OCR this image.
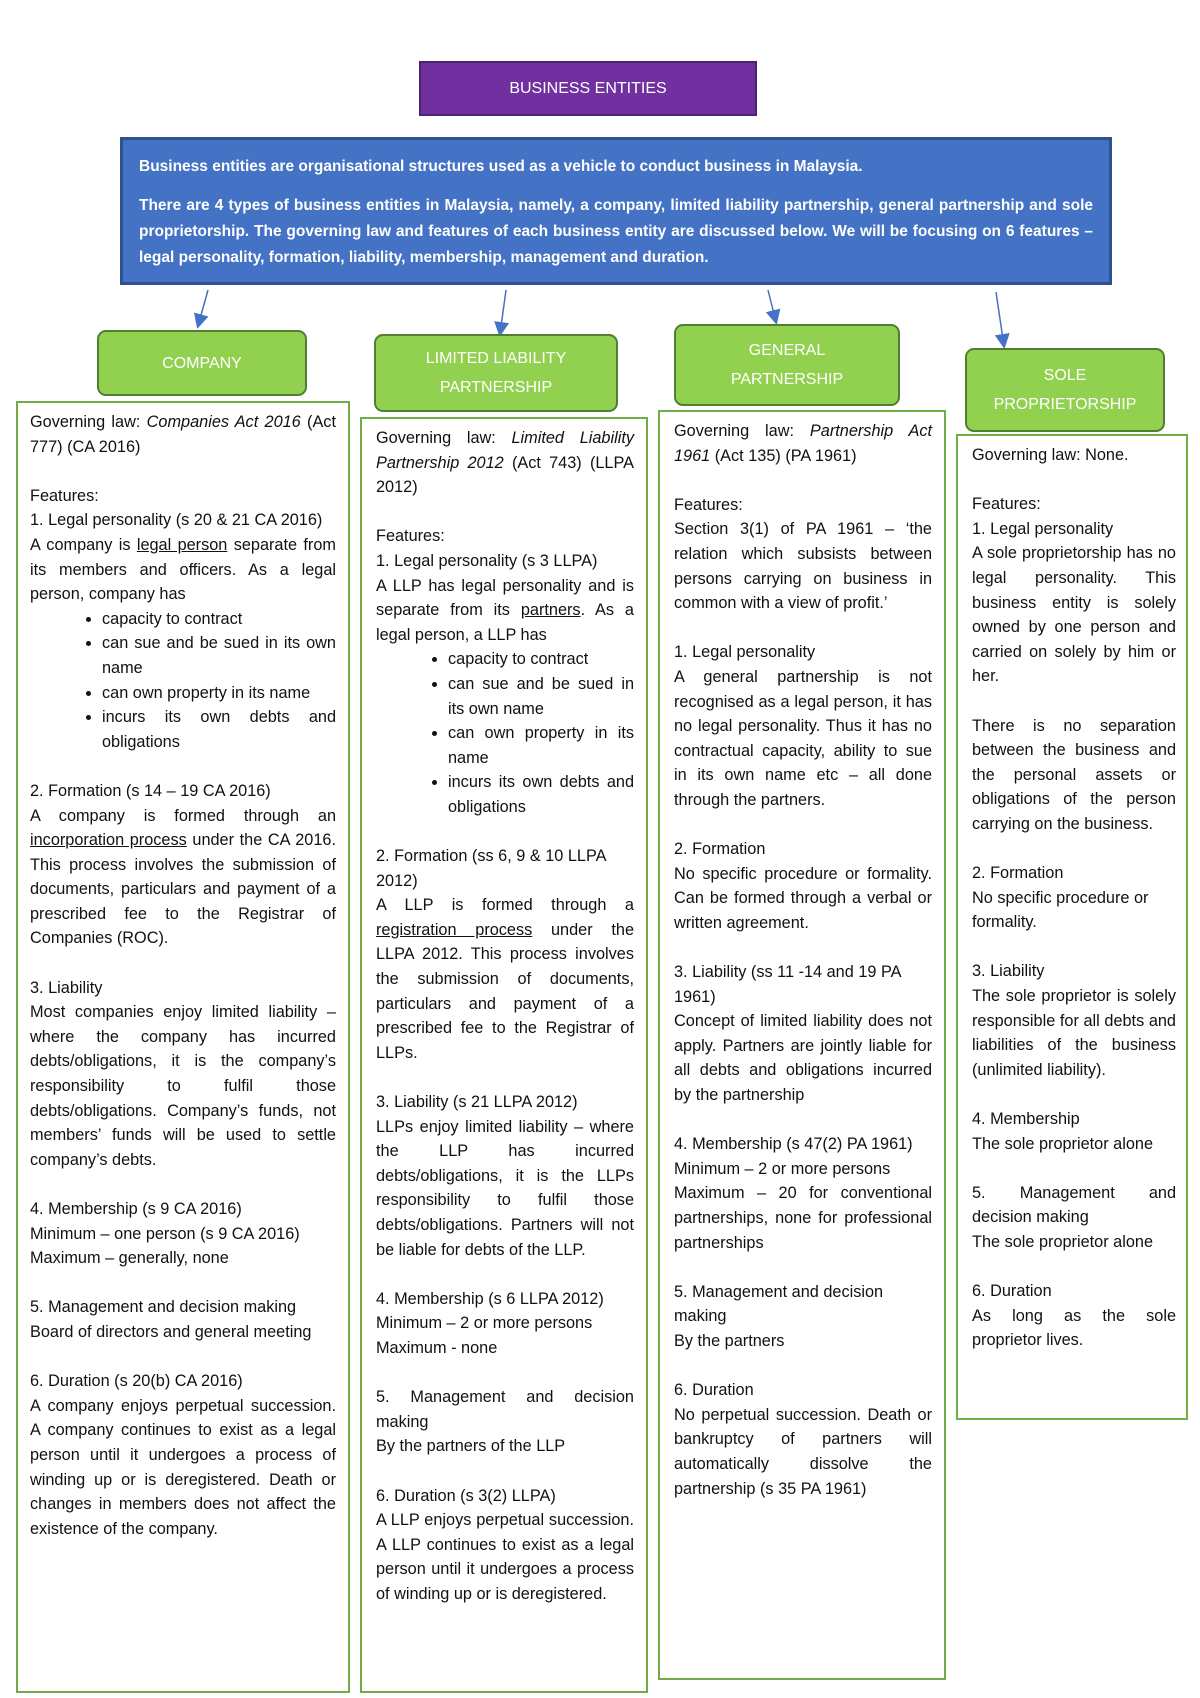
BUSINESS ENTITIES

Business entities are organisational structures used as a vehicle to conduct business in Malaysia.

There are 4 types of business entities in Malaysia, namely, a company, limited liability partnership, general partnership and sole proprietorship. The governing law and features of each business entity are discussed below. We will be focusing on 6 features – legal personality, formation, liability, membership, management and duration.

COMPANY	LIMITED LIABILITY PARTNERSHIP
GENERAL PARTNERSHIP	SOLE PROPRIETORSHIP

Governing law: Companies Act 2016 (Act 777) (CA 2016)

Features:

1. Legal personality (s 20 & 21 CA 2016)

A company is legal person separate from its members and officers. As a legal person, company has

• capacity to contract
• can sue and be sued in its own name
• can own property in its name
• incurs its own debts and obligations

2. Formation (s 14 – 19 CA 2016)

A company is formed through an incorporation process under the CA 2016. This process involves the submission of documents, particulars and payment of a prescribed fee to the Registrar of Companies (ROC).

3. Liability

Most companies enjoy limited liability – where the company has incurred debts/obligations, it is the company’s responsibility to fulfil those debts/obligations. Company’s funds, not members’ funds will be used to settle company’s debts.

4. Membership (s 9 CA 2016)

Minimum – one person (s 9 CA 2016)

Maximum – generally, none

5. Management and decision making

Board of directors and general meeting

6. Duration (s 20(b) CA 2016)

A company enjoys perpetual succession. A company continues to exist as a legal person until it undergoes a process of winding up or is deregistered. Death or changes in members does not affect the existence of the company.

Governing law: Limited Liability Partnership 2012 (Act 743) (LLPA 2012)

Features:

1. Legal personality (s 3 LLPA)

A LLP has legal personality and is separate from its partners. As a legal person, a LLP has

• capacity to contract
• can sue and be sued in its own name
• can own property in its name
• incurs its own debts and obligations

2. Formation (ss 6, 9 & 10 LLPA 2012)

A LLP is formed through a registration process under the LLPA 2012. This process involves the submission of documents, particulars and payment of a prescribed fee to the Registrar of LLPs.

3. Liability (s 21 LLPA 2012)

LLPs enjoy limited liability – where the LLP has incurred debts/obligations, it is the LLPs responsibility to fulfil those debts/obligations. Partners will not be liable for debts of the LLP.

4. Membership (s 6 LLPA 2012)

Minimum – 2 or more persons

Maximum - none

5. Management and decision making

By the partners of the LLP

6. Duration (s 3(2) LLPA)

A LLP enjoys perpetual succession. A LLP continues to exist as a legal person until it undergoes a process of winding up or is deregistered.

Governing law: Partnership Act 1961 (Act 135) (PA 1961)

Features:

Section 3(1) of PA 1961 – ‘the relation which subsists between persons carrying on business in common with a view of profit.’

1. Legal personality

A general partnership is not recognised as a legal person, it has no legal personality. Thus it has no contractual capacity, ability to sue in its own name etc – all done through the partners.

2. Formation

No specific procedure or formality. Can be formed through a verbal or written agreement.

3. Liability (ss 11 -14 and 19 PA 1961)

Concept of limited liability does not apply. Partners are jointly liable for all debts and obligations incurred by the partnership

4. Membership (s 47(2) PA 1961)

Minimum – 2 or more persons

Maximum – 20 for conventional partnerships, none for professional partnerships

5. Management and decision making

By the partners

6. Duration

No perpetual succession. Death or bankruptcy of partners will automatically dissolve the partnership (s 35 PA 1961)

Governing law: None.

Features:

1. Legal personality

A sole proprietorship has no legal personality. This business entity is solely owned by one person and carried on solely by him or her.

There is no separation between the business and the personal assets or obligations of the person carrying on the business.

2. Formation

No specific procedure or formality.

3. Liability

The sole proprietor is solely responsible for all debts and liabilities of the business (unlimited liability).

4. Membership

The sole proprietor alone

5. Management and decision making

The sole proprietor alone

6. Duration

As long as the sole proprietor lives.
